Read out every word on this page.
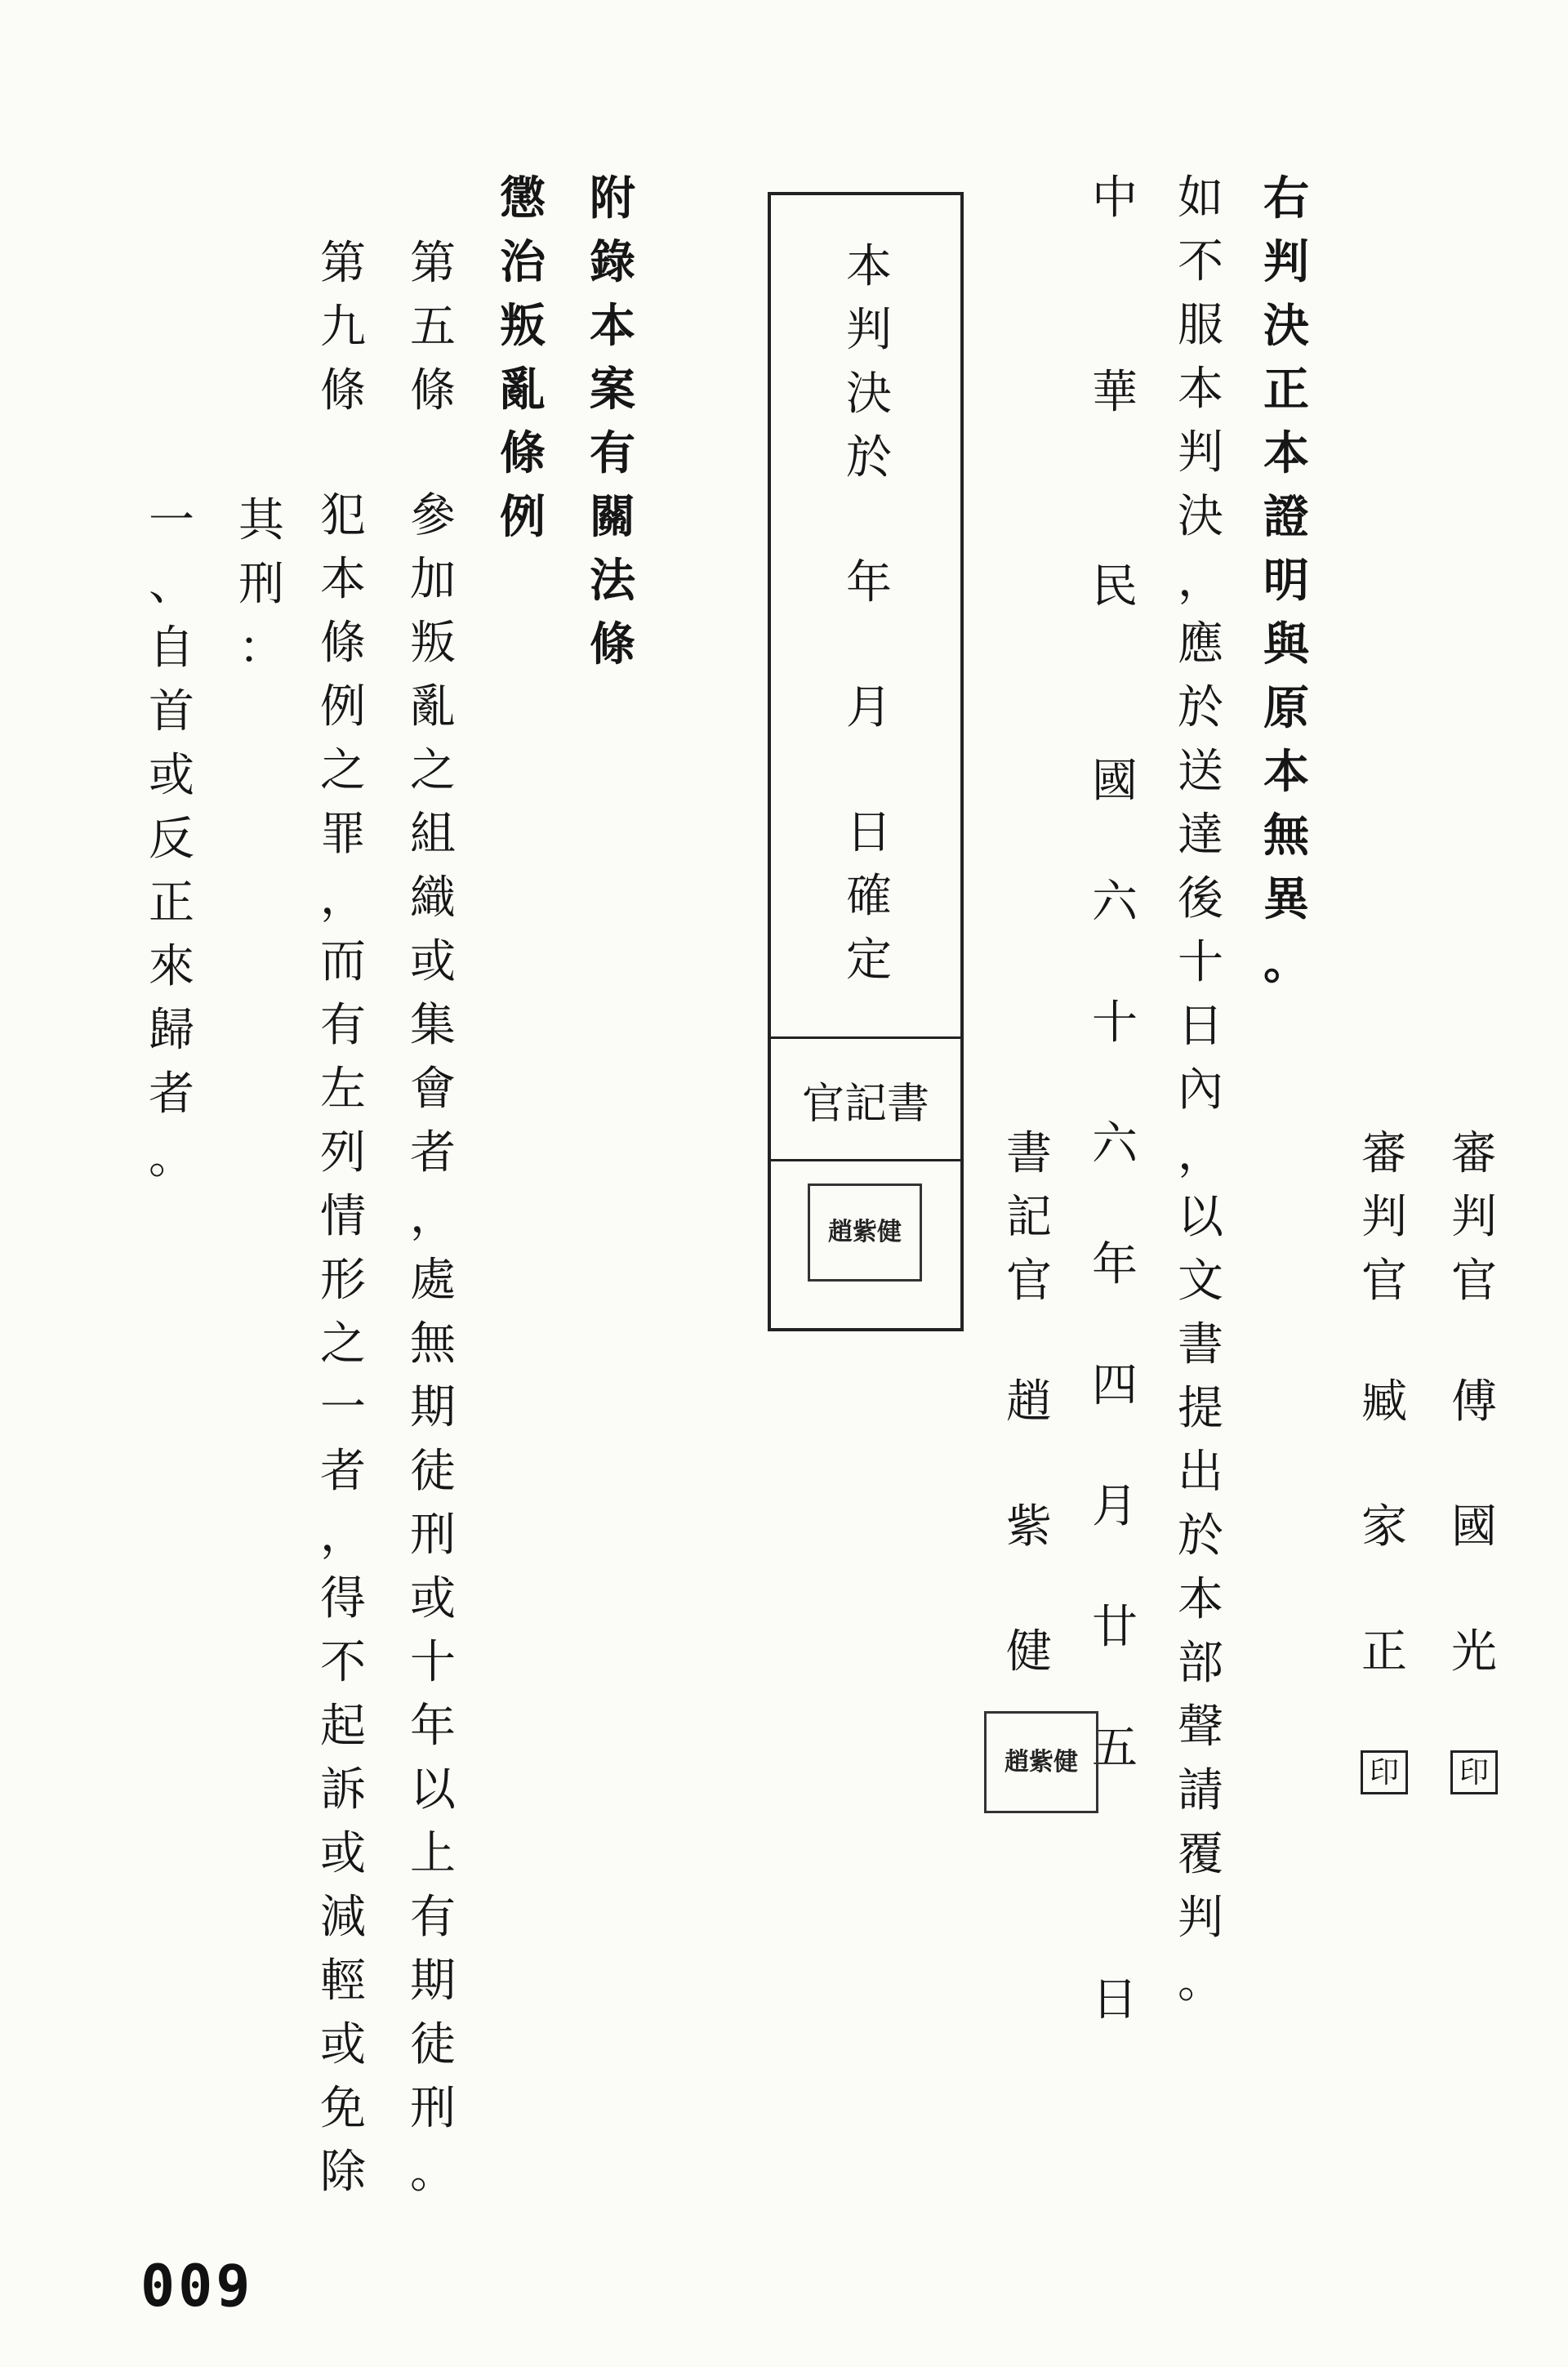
右
判
決
正
本
證
明
與
原
本
無
異
。
如
不
服
本
判
決
，
應
於
送
達
後
十
日
內
，
以
文
書
提
出
於
本
部
聲
請
覆
判
。
中
華
民
國
六
十
六
年
四
月
廿
五
日
審
判
官
傅
國
光
印
審
判
官
臧
家
正
印
書
記
官
趙
紫
健
趙紫健
本
判
決
於
年
月
日
確
定
書記官
趙紫健
附
錄
本
案
有
關
法
條
懲
治
叛
亂
條
例
第
五
條
參
加
叛
亂
之
組
織
或
集
會
者
，
處
無
期
徒
刑
或
十
年
以
上
有
期
徒
刑
。
第
九
條
犯
本
條
例
之
罪
，
而
有
左
列
情
形
之
一
者
，
得
不
起
訴
或
減
輕
或
免
除
其
刑
：
一
、
自
首
或
反
正
來
歸
者
。
009
